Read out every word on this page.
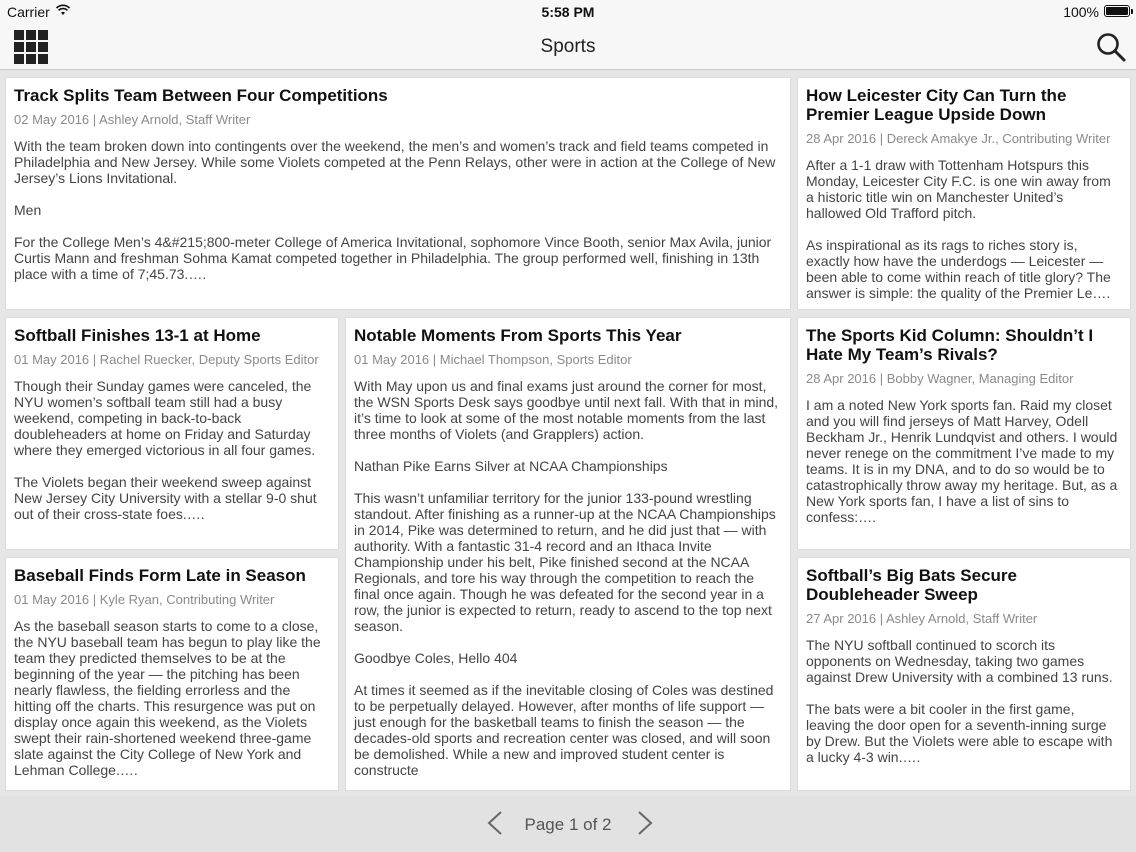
Carrier	5:58 PM	100%
Sports
Track Splits Team Between Four Competitions
02 May 2016 | Ashley Arnold, Staff Writer

With the team broken down into contingents over the weekend, the men’s and women’s track and field teams competed in Philadelphia and New Jersey. While some Violets competed at the Penn Relays, other were in action at the College of New Jersey’s Lions Invitational.

Men

For the College Men’s 4&#215;800-meter College of America Invitational, sophomore Vince Booth, senior Max Avila, junior Curtis Mann and freshman Sohma Kamat competed together in Philadelphia. The group performed well, finishing in 13th place with a time of 7;45.73.….

How Leicester City Can Turn the Premier League Upside Down
28 Apr 2016 | Dereck Amakye Jr., Contributing Writer

After a 1-1 draw with Tottenham Hotspurs this Monday, Leicester City F.C. is one win away from a historic title win on Manchester United’s hallowed Old Trafford pitch.

As inspirational as its rags to riches story is, exactly how have the underdogs — Leicester — been able to come within reach of title glory? The answer is simple: the quality of the Premier Le….

Softball Finishes 13-1 at Home
01 May 2016 | Rachel Ruecker, Deputy Sports Editor

Though their Sunday games were canceled, the NYU women’s softball team still had a busy weekend, competing in back-to-back doubleheaders at home on Friday and Saturday where they emerged victorious in all four games.

The Violets began their weekend sweep against New Jersey City University with a stellar 9-0 shut out of their cross-state foes.….

Notable Moments From Sports This Year
01 May 2016 | Michael Thompson, Sports Editor

With May upon us and final exams just around the corner for most, the WSN Sports Desk says goodbye until next fall. With that in mind, it’s time to look at some of the most notable moments from the last three months of Violets (and Grapplers) action.

Nathan Pike Earns Silver at NCAA Championships

This wasn’t unfamiliar territory for the junior 133-pound wrestling standout. After finishing as a runner-up at the NCAA Championships in 2014, Pike was determined to return, and he did just that — with authority. With a fantastic 31-4 record and an Ithaca Invite Championship under his belt, Pike finished second at the NCAA Regionals, and tore his way through the competition to reach the final once again. Though he was defeated for the second year in a row, the junior is expected to return, ready to ascend to the top next season.

Goodbye Coles, Hello 404

At times it seemed as if the inevitable closing of Coles was destined to be perpetually delayed. However, after months of life support — just enough for the basketball teams to finish the season — the decades-old sports and recreation center was closed, and will soon be demolished. While a new and improved student center is constructe

The Sports Kid Column: Shouldn’t I Hate My Team’s Rivals?
28 Apr 2016 | Bobby Wagner, Managing Editor

I am a noted New York sports fan. Raid my closet and you will find jerseys of Matt Harvey, Odell Beckham Jr., Henrik Lundqvist and others. I would never renege on the commitment I’ve made to my teams. It is in my DNA, and to do so would be to catastrophically throw away my heritage. But, as a New York sports fan, I have a list of sins to confess:….

Baseball Finds Form Late in Season
01 May 2016 | Kyle Ryan, Contributing Writer

As the baseball season starts to come to a close, the NYU baseball team has begun to play like the team they predicted themselves to be at the beginning of the year — the pitching has been nearly flawless, the fielding errorless and the hitting off the charts. This resurgence was put on display once again this weekend, as the Violets swept their rain-shortened weekend three-game slate against the City College of New York and Lehman College.….

Softball’s Big Bats Secure Doubleheader Sweep
27 Apr 2016 | Ashley Arnold, Staff Writer

The NYU softball continued to scorch its opponents on Wednesday, taking two games against Drew University with a combined 13 runs.

The bats were a bit cooler in the first game, leaving the door open for a seventh-inning surge by Drew. But the Violets were able to escape with a lucky 4-3 win.….

Page 1 of 2
